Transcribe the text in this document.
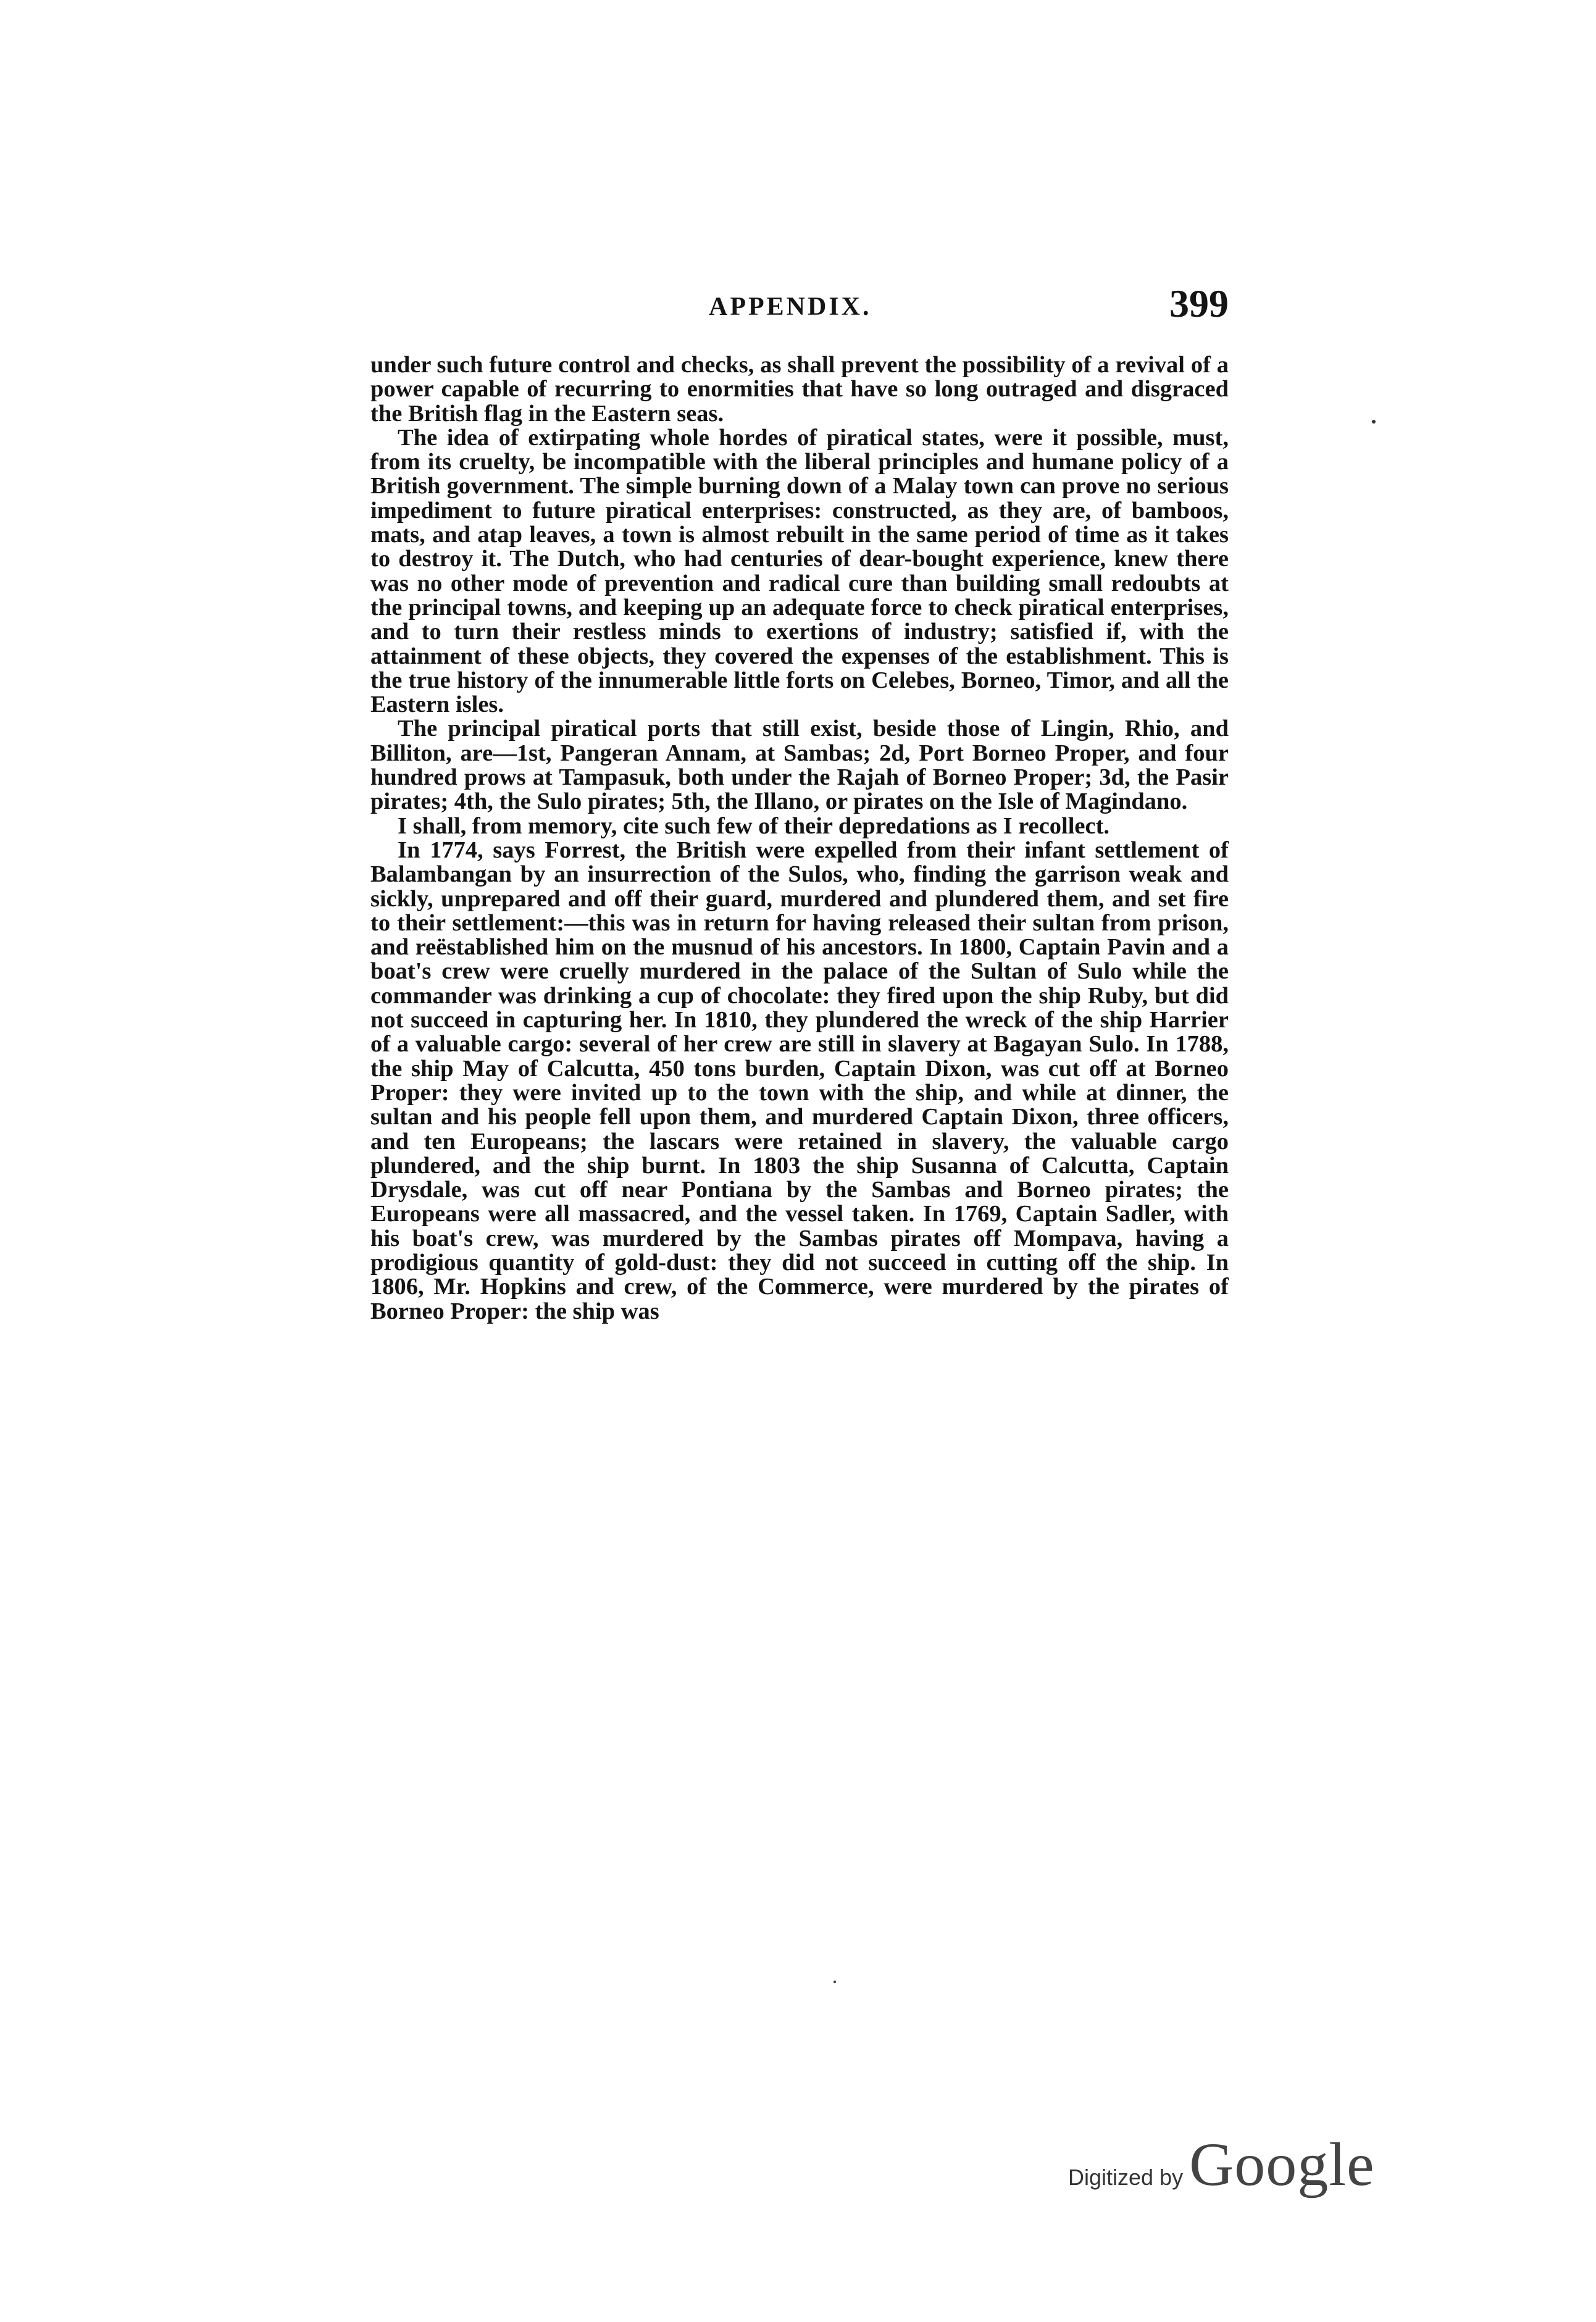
APPENDIX.	399

under such future control and checks, as shall prevent the possibility of a revival of a power capable of recurring to enormities that have so long outraged and disgraced the British flag in the Eastern seas.

The idea of extirpating whole hordes of piratical states, were it possible, must, from its cruelty, be incompatible with the liberal principles and humane policy of a British government. The simple burning down of a Malay town can prove no serious impediment to future piratical enterprises: constructed, as they are, of bamboos, mats, and atap leaves, a town is almost rebuilt in the same period of time as it takes to destroy it. The Dutch, who had centuries of dear-bought experience, knew there was no other mode of prevention and radical cure than building small redoubts at the principal towns, and keeping up an adequate force to check piratical enterprises, and to turn their restless minds to exertions of industry; satisfied if, with the attainment of these objects, they covered the expenses of the establishment. This is the true history of the innumerable little forts on Celebes, Borneo, Timor, and all the Eastern isles.

The principal piratical ports that still exist, beside those of Lingin, Rhio, and Billiton, are—1st, Pangeran Annam, at Sambas; 2d, Port Borneo Proper, and four hundred prows at Tampasuk, both under the Rajah of Borneo Proper; 3d, the Pasir pirates; 4th, the Sulo pirates; 5th, the Illano, or pirates on the Isle of Magindano.

I shall, from memory, cite such few of their depredations as I recollect.

In 1774, says Forrest, the British were expelled from their infant settlement of Balambangan by an insurrection of the Sulos, who, finding the garrison weak and sickly, unprepared and off their guard, murdered and plundered them, and set fire to their settlement:—this was in return for having released their sultan from prison, and reëstablished him on the musnud of his ancestors. In 1800, Captain Pavin and a boat's crew were cruelly murdered in the palace of the Sultan of Sulo while the commander was drinking a cup of chocolate: they fired upon the ship Ruby, but did not succeed in capturing her. In 1810, they plundered the wreck of the ship Harrier of a valuable cargo: several of her crew are still in slavery at Bagayan Sulo. In 1788, the ship May of Calcutta, 450 tons burden, Captain Dixon, was cut off at Borneo Proper: they were invited up to the town with the ship, and while at dinner, the sultan and his people fell upon them, and murdered Captain Dixon, three officers, and ten Europeans; the lascars were retained in slavery, the valuable cargo plundered, and the ship burnt. In 1803 the ship Susanna of Calcutta, Captain Drysdale, was cut off near Pontiana by the Sambas and Borneo pirates; the Europeans were all massacred, and the vessel taken. In 1769, Captain Sadler, with his boat's crew, was murdered by the Sambas pirates off Mompava, having a prodigious quantity of gold-dust: they did not succeed in cutting off the ship. In 1806, Mr. Hopkins and crew, of the Commerce, were murdered by the pirates of Borneo Proper: the ship was

Digitized by Google
